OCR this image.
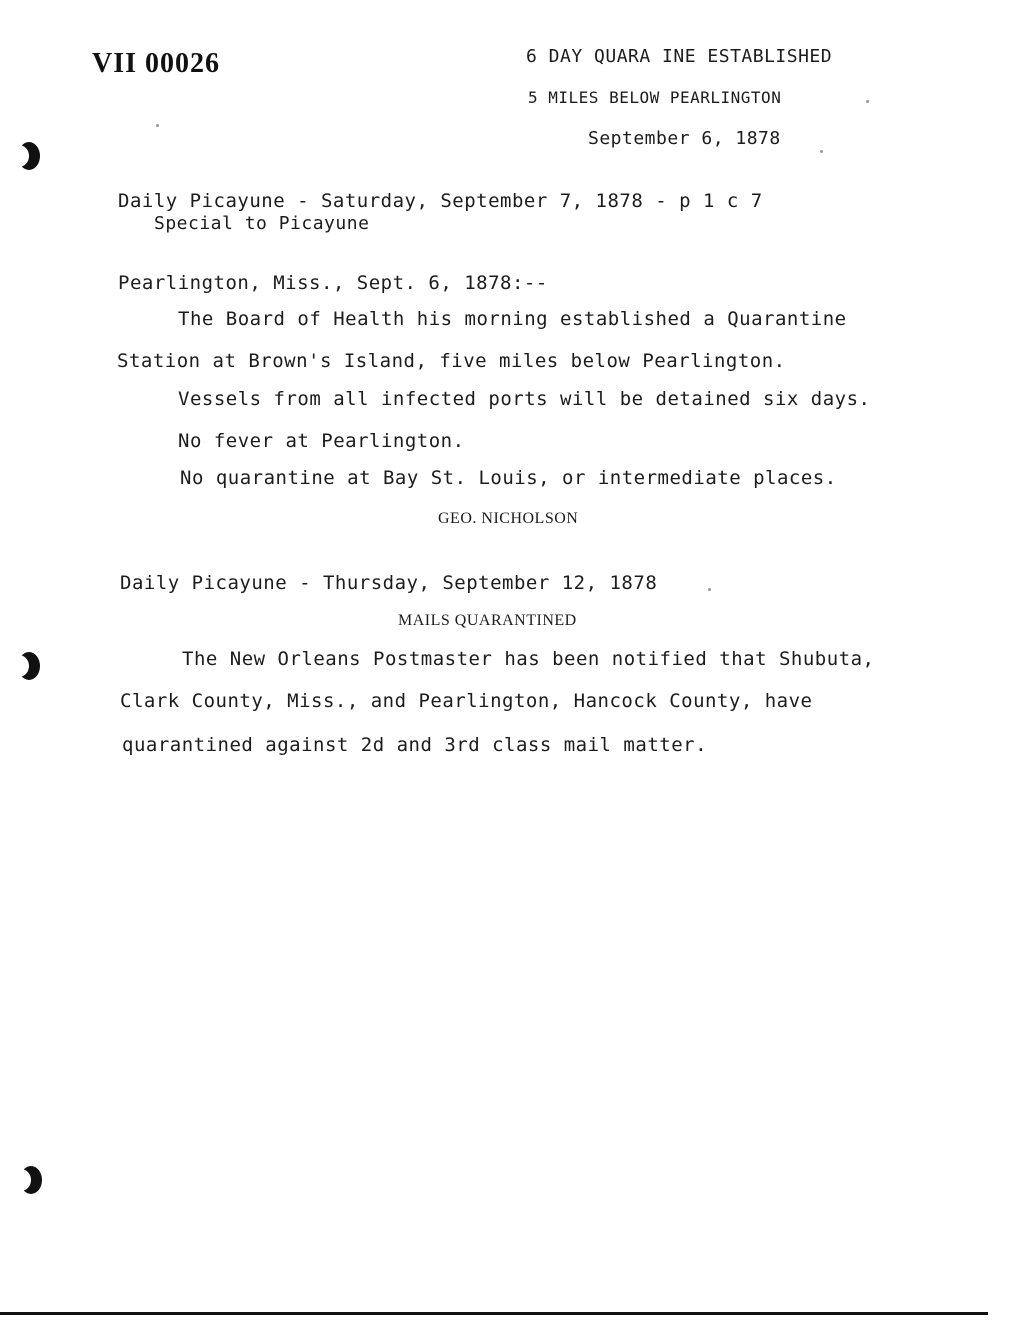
VII 00026	6 DAY QUARA INE ESTABLISHED
5 MILES BELOW PEARLINGTON
September 6, 1878
Daily Picayune - Saturday, September 7, 1878 - p 1 c 7
Special to Picayune
Pearlington, Miss., Sept. 6, 1878:--
The Board of Health his morning established a Quarantine
Station at Brown's Island, five miles below Pearlington.
Vessels from all infected ports will be detained six days.
No fever at Pearlington.
No quarantine at Bay St. Louis, or intermediate places.
GEO. NICHOLSON
Daily Picayune - Thursday, September 12, 1878
MAILS QUARANTINED
The New Orleans Postmaster has been notified that Shubuta,
Clark County, Miss., and Pearlington, Hancock County, have
quarantined against 2d and 3rd class mail matter.
